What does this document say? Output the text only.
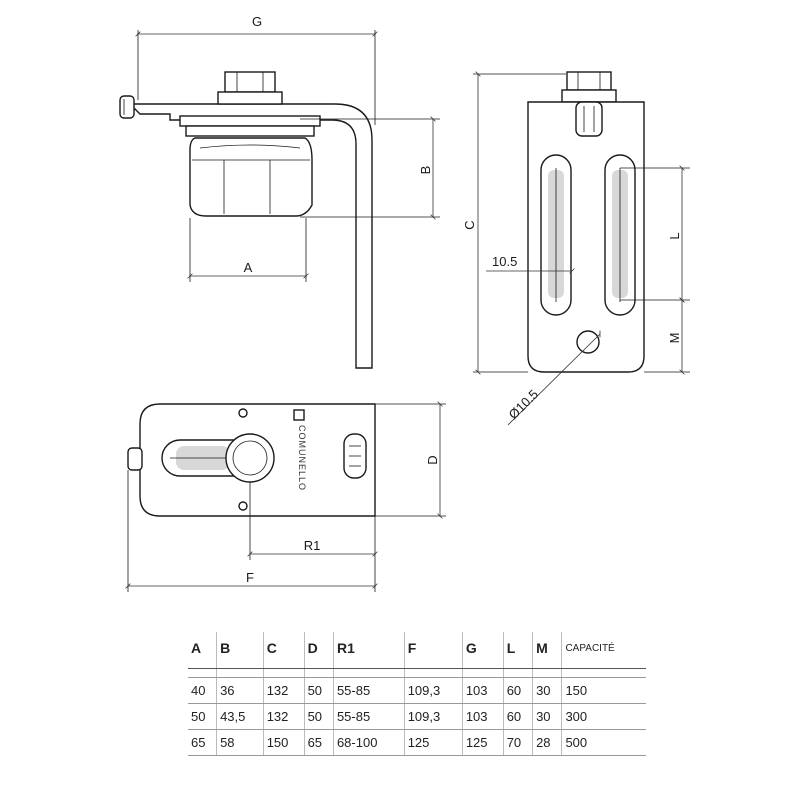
G
B
A
C
L
M
10.5
Ø10.5
COMUNELLO	D
R1
F
A	B	C	D	R1	F	G	L	M	CAPACITÉ

40	36	132	50	55-85	109,3	103	60	30	150
50	43,5	132	50	55-85	109,3	103	60	30	300
65	58	150	65	68-100	125	125	70	28	500
